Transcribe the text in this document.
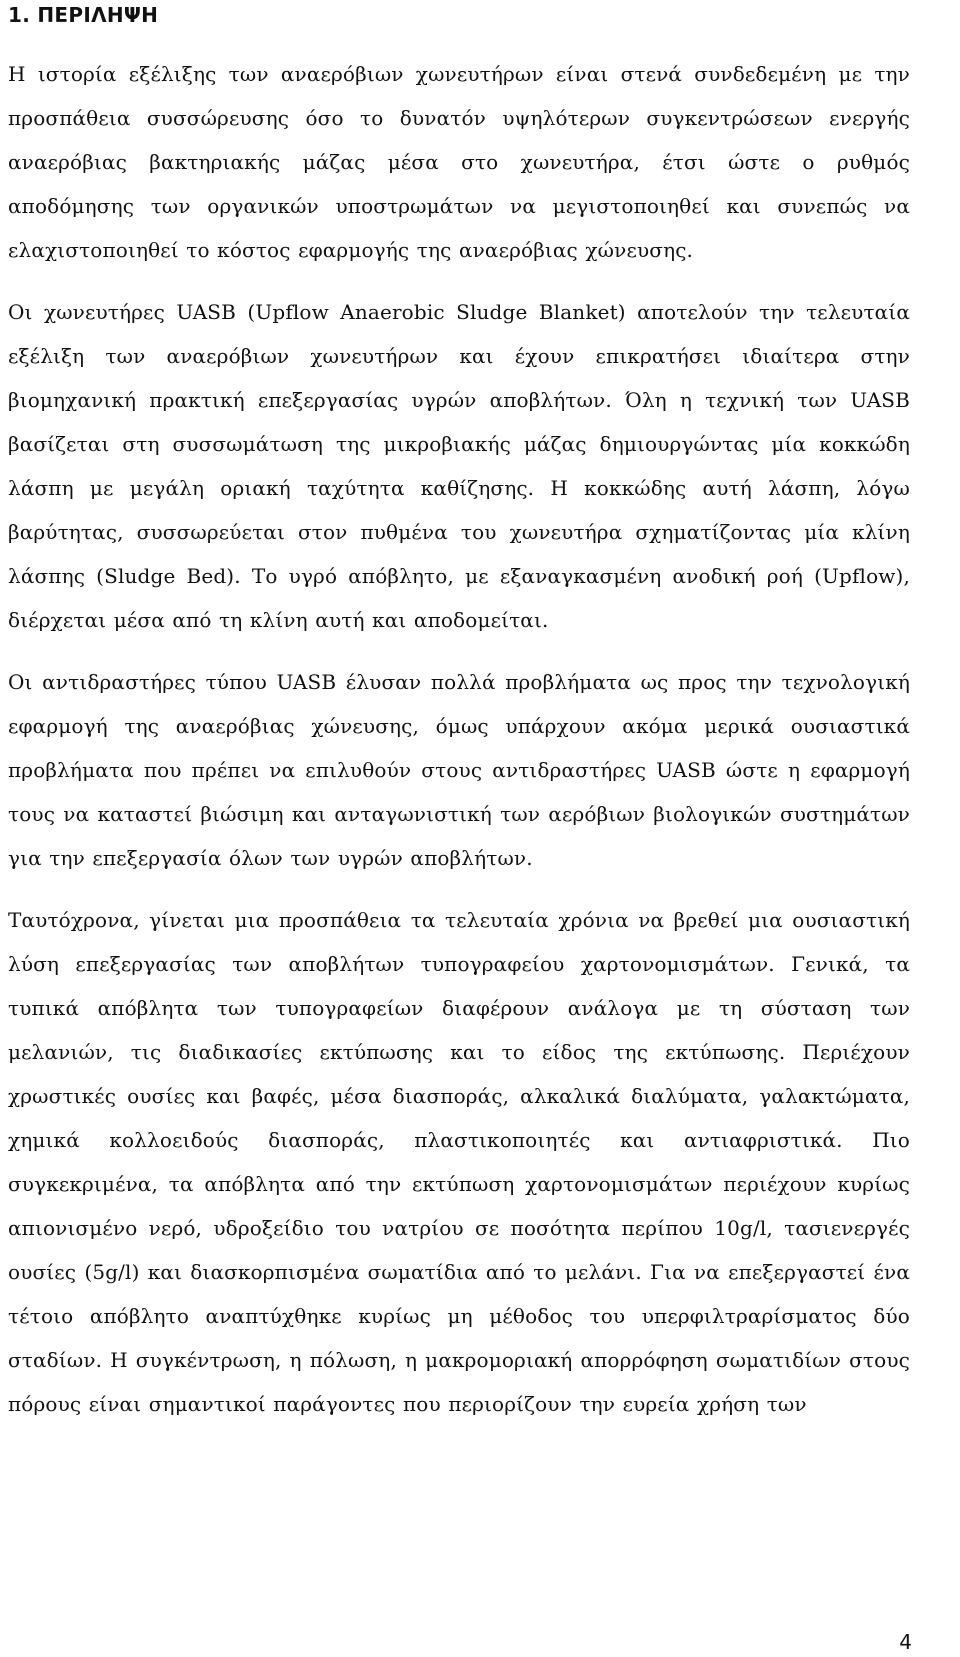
1. ΠΕΡΙΛΗΨΗ

Η ιστορία εξέλιξης των αναερόβιων χωνευτήρων είναι στενά συνδεδεμένη με την προσπάθεια συσσώρευσης όσο το δυνατόν υψηλότερων συγκεντρώσεων ενεργής αναερόβιας βακτηριακής μάζας μέσα στο χωνευτήρα, έτσι ώστε ο ρυθμός αποδόμησης των οργανικών υποστρωμάτων να μεγιστοποιηθεί και συνεπώς να ελαχιστοποιηθεί το κόστος εφαρμογής της αναερόβιας χώνευσης.

Οι χωνευτήρες UASB (Upflow Anaerobic Sludge Blanket) αποτελούν την τελευταία εξέλιξη των αναερόβιων χωνευτήρων και έχουν επικρατήσει ιδιαίτερα στην βιομηχανική πρακτική επεξεργασίας υγρών αποβλήτων. Όλη η τεχνική των UASB βασίζεται στη συσσωμάτωση της μικροβιακής μάζας δημιουργώντας μία κοκκώδη λάσπη με μεγάλη οριακή ταχύτητα καθίζησης. Η κοκκώδης αυτή λάσπη, λόγω βαρύτητας, συσσωρεύεται στον πυθμένα του χωνευτήρα σχηματίζοντας μία κλίνη λάσπης (Sludge Bed). Το υγρό απόβλητο, με εξαναγκασμένη ανοδική ροή (Upflow), διέρχεται μέσα από τη κλίνη αυτή και αποδομείται.

Οι αντιδραστήρες τύπου UASB έλυσαν πολλά προβλήματα ως προς την τεχνολογική εφαρμογή της αναερόβιας χώνευσης, όμως υπάρχουν ακόμα μερικά ουσιαστικά προβλήματα που πρέπει να επιλυθούν στους αντιδραστήρες UASB ώστε η εφαρμογή τους να καταστεί βιώσιμη και ανταγωνιστική των αερόβιων βιολογικών συστημάτων για την επεξεργασία όλων των υγρών αποβλήτων.

Ταυτόχρονα, γίνεται μια προσπάθεια τα τελευταία χρόνια να βρεθεί μια ουσιαστική λύση επεξεργασίας των αποβλήτων τυπογραφείου χαρτονομισμάτων. Γενικά, τα τυπικά απόβλητα των τυπογραφείων διαφέρουν ανάλογα με τη σύσταση των μελανιών, τις διαδικασίες εκτύπωσης και το είδος της εκτύπωσης. Περιέχουν χρωστικές ουσίες και βαφές, μέσα διασποράς, αλκαλικά διαλύματα, γαλακτώματα, χημικά κολλοειδούς διασποράς, πλαστικοποιητές και αντιαφριστικά. Πιο συγκεκριμένα, τα απόβλητα από την εκτύπωση χαρτονομισμάτων περιέχουν κυρίως απιονισμένο νερό, υδροξείδιο του νατρίου σε ποσότητα περίπου 10g/l, τασιενεργές ουσίες (5g/l) και διασκορπισμένα σωματίδια από το μελάνι. Για να επεξεργαστεί ένα τέτοιο απόβλητο αναπτύχθηκε κυρίως μη μέθοδος του υπερφιλτραρίσματος δύο σταδίων. Η συγκέντρωση, η πόλωση, η μακρομοριακή απορρόφηση σωματιδίων στους πόρους είναι σημαντικοί παράγοντες που περιορίζουν την ευρεία χρήση των

4
